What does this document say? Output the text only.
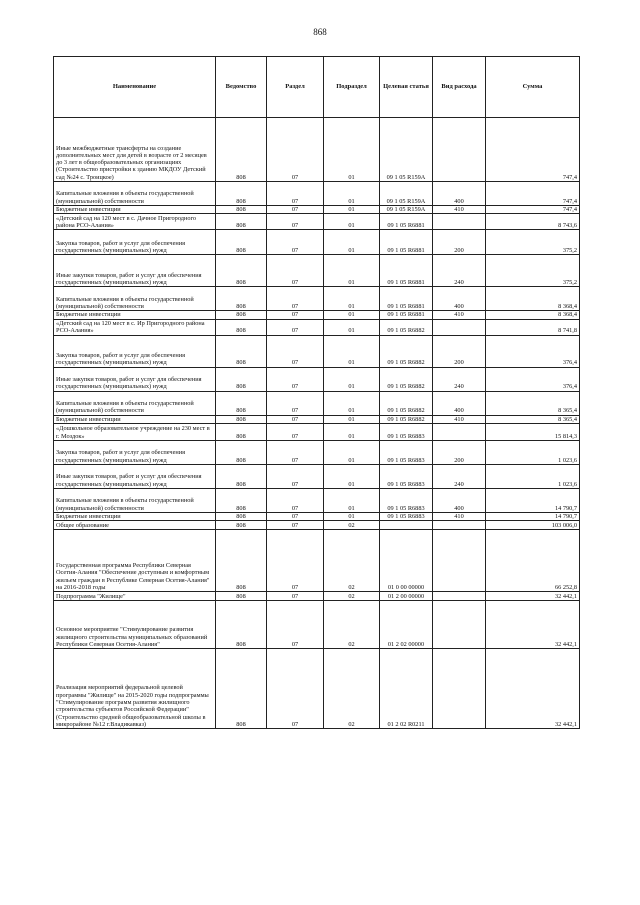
868
Наименование	Ведомство	Раздел	Подраздел	Целевая статья	Вид расхода	Сумма
Иные межбюджетные трансферты на создание дополнительных мест для детей в возрасте от 2 месяцев до 3 лет в общеобразовательных организациях (Строительство пристройки к зданию МКДОУ Детский сад №24 с. Троицкое)	808	07	01	09 1 05 R159A		747,4
Капитальные вложения в объекты государственной (муниципальной) собственности	808	07	01	09 1 05 R159A	400	747,4
Бюджетные инвестиции	808	07	01	09 1 05 R159A	410	747,4
«Детский сад на 120 мест в с. Дачное Пригородного района РСО-Алания»	808	07	01	09 1 05 R6881		8 743,6
Закупка товаров, работ и услуг для обеспечения государственных (муниципальных) нужд	808	07	01	09 1 05 R6881	200	375,2
Иные закупки товаров, работ и услуг для обеспечения государственных (муниципальных) нужд	808	07	01	09 1 05 R6881	240	375,2
Капитальные вложения в объекты государственной (муниципальной) собственности	808	07	01	09 1 05 R6881	400	8 368,4
Бюджетные инвестиции	808	07	01	09 1 05 R6881	410	8 368,4
«Детский сад на 120 мест в с. Ир Пригородного района РСО-Алания»	808	07	01	09 1 05 R6882		8 741,8
Закупка товаров, работ и услуг для обеспечения государственных (муниципальных) нужд	808	07	01	09 1 05 R6882	200	376,4
Иные закупки товаров, работ и услуг для обеспечения государственных (муниципальных) нужд	808	07	01	09 1 05 R6882	240	376,4
Капитальные вложения в объекты государственной (муниципальной) собственности	808	07	01	09 1 05 R6882	400	8 365,4
Бюджетные инвестиции	808	07	01	09 1 05 R6882	410	8 365,4
«Дошкольное образовательное учреждение на 230 мест в г. Моздок»	808	07	01	09 1 05 R6883		15 814,3
Закупка товаров, работ и услуг для обеспечения государственных (муниципальных) нужд	808	07	01	09 1 05 R6883	200	1 023,6
Иные закупки товаров, работ и услуг для обеспечения государственных (муниципальных) нужд	808	07	01	09 1 05 R6883	240	1 023,6
Капитальные вложения в объекты государственной (муниципальной) собственности	808	07	01	09 1 05 R6883	400	14 790,7
Бюджетные инвестиции	808	07	01	09 1 05 R6883	410	14 790,7
Общее образование	808	07	02			103 006,0
Государственная программа Республики Северная Осетия-Алания "Обеспечение доступным и комфортным жильем граждан в Республике Северная Осетия-Алания" на 2016-2018 годы	808	07	02	01 0 00 00000		66 252,8
Подпрограмма "Жилище"	808	07	02	01 2 00 00000		32 442,1
Основное мероприятие "Стимулирование развития жилищного строительства муниципальных образований Республики Северная Осетия-Алания"	808	07	02	01 2 02 00000		32 442,1
Реализация мероприятий федеральной целевой программы "Жилище" на 2015-2020 годы подпрограммы "Стимулирование программ развития жилищного строительства субъектов Российской Федерации" (Строительство средней общеобразовательной школы в микрорайоне №12 г.Владикавказ)	808	07	02	01 2 02 R0211		32 442,1
